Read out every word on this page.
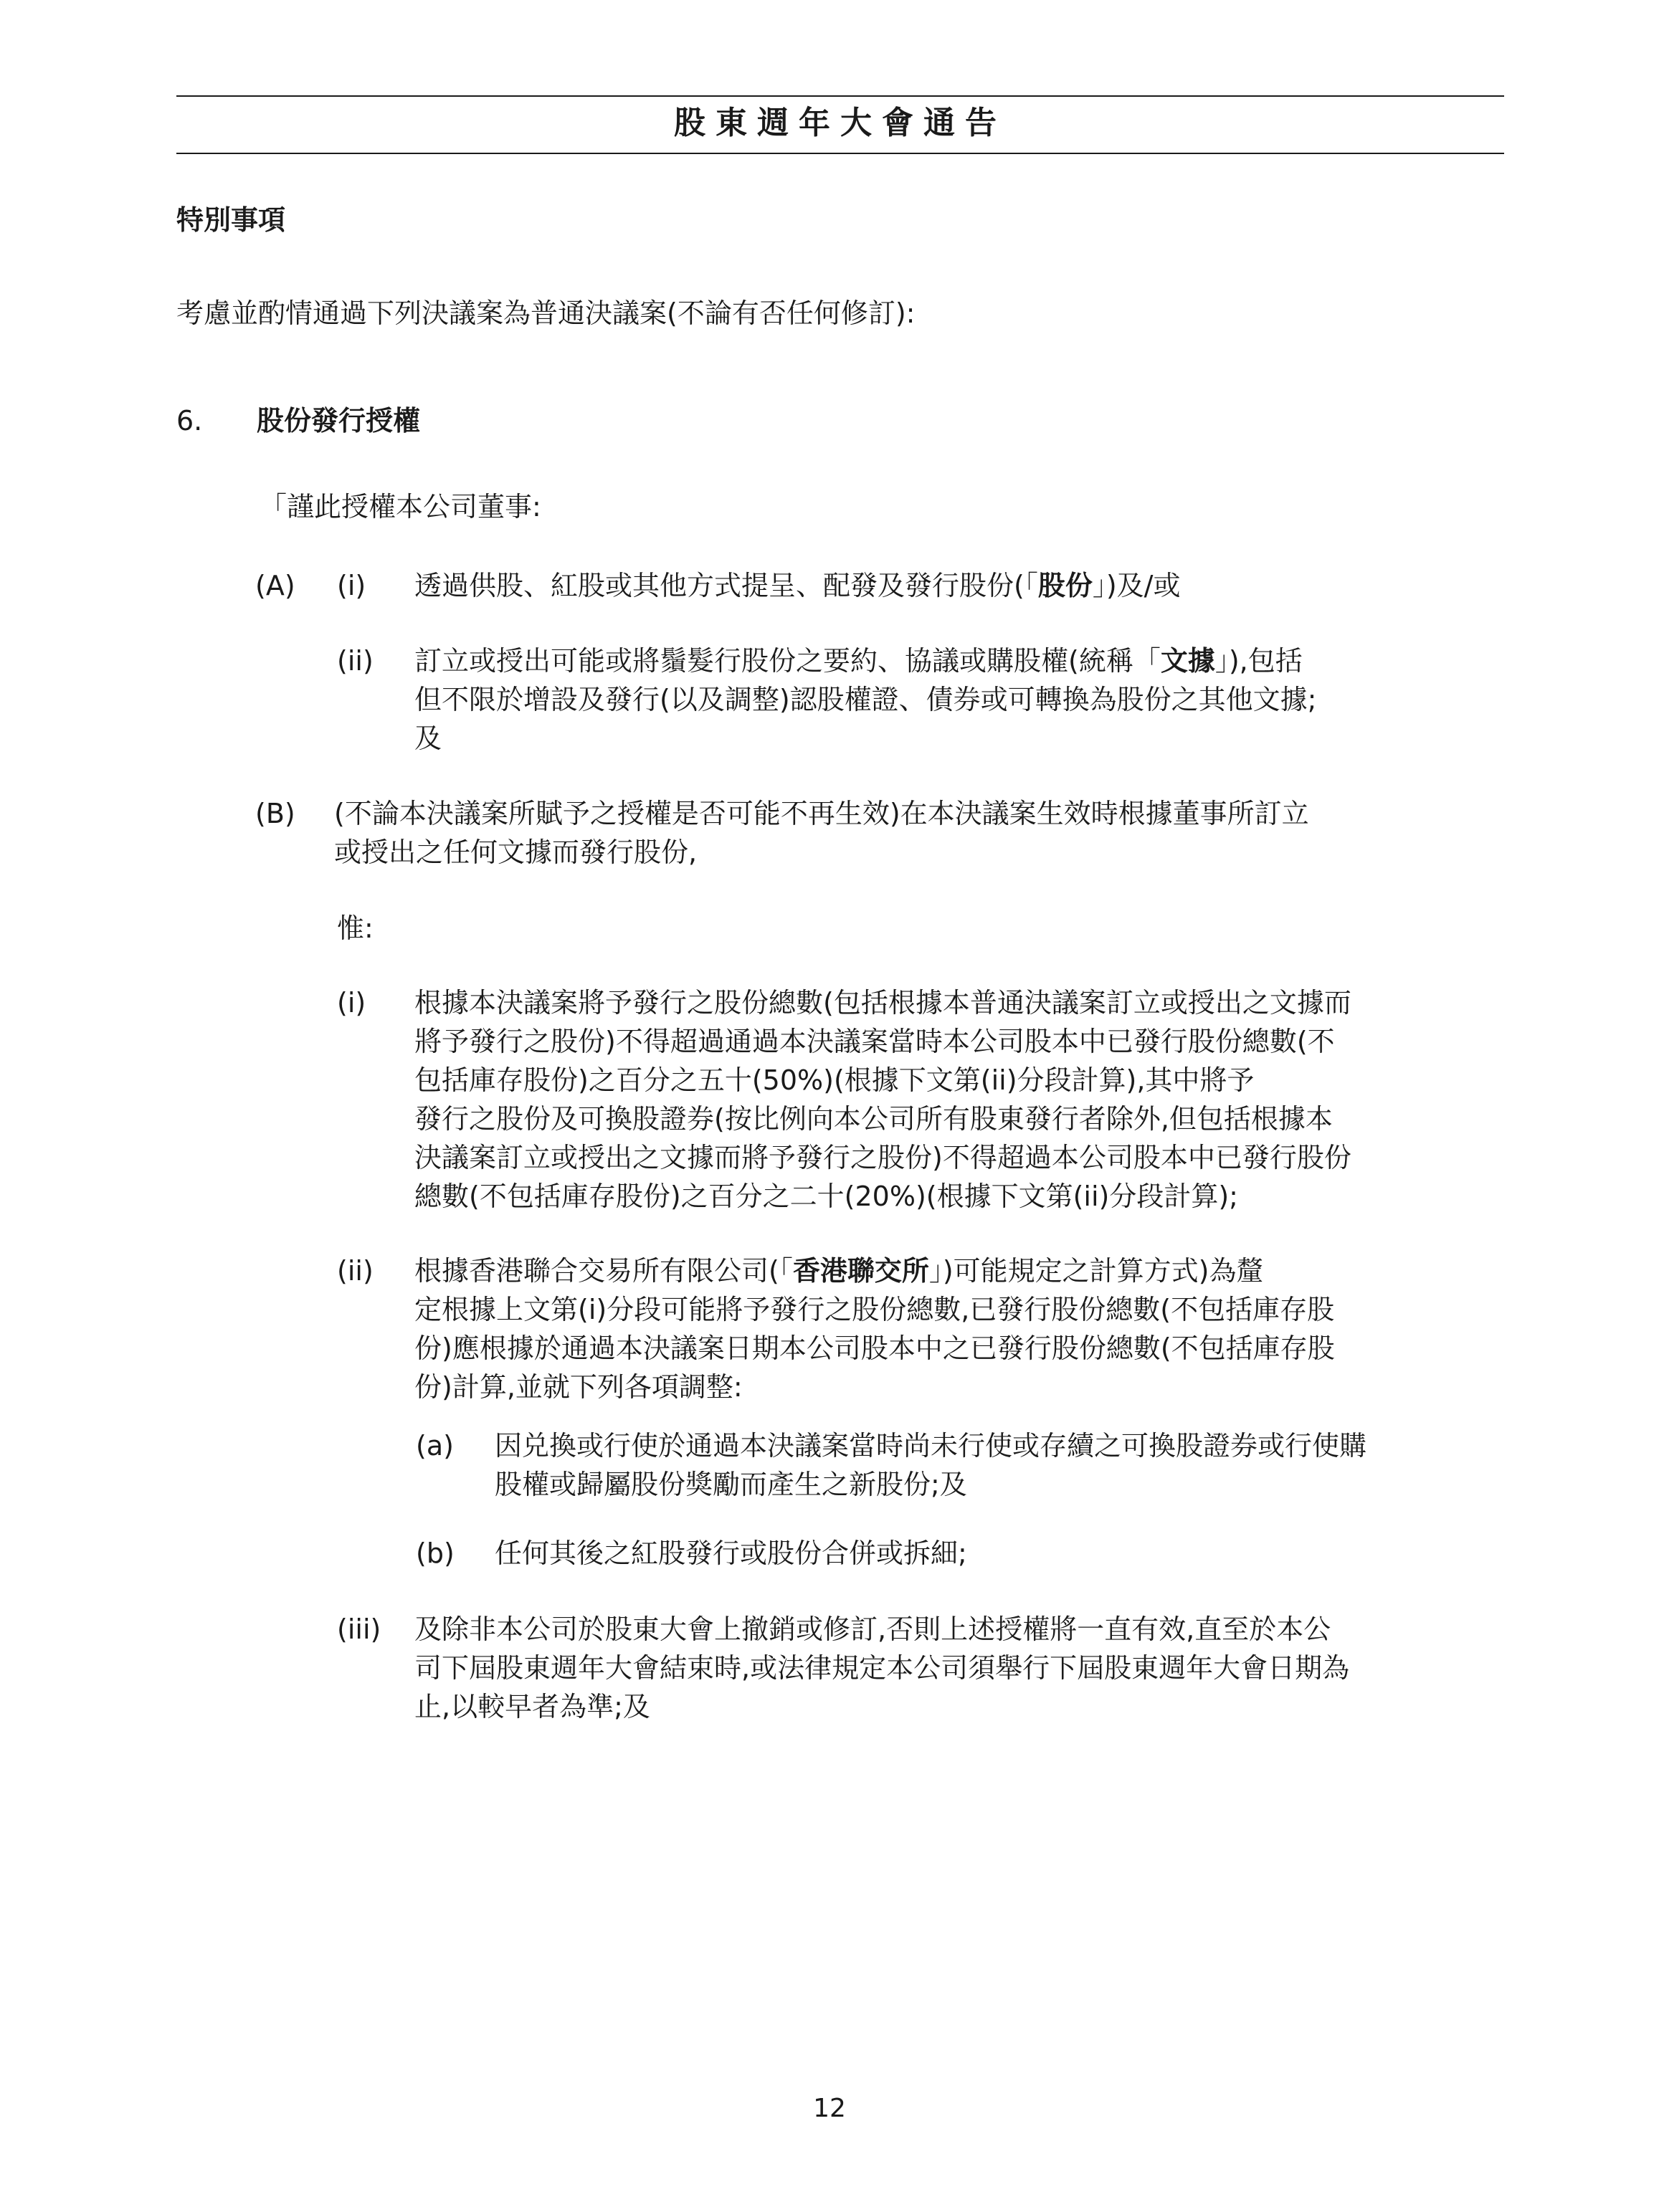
股東週年大會通告
特別事項
考慮並酌情通過下列決議案為普通決議案(不論有否任何修訂):
6. 股份發行授權
「謹此授權本公司董事:
(A) (i) 透過供股、紅股或其他方式提呈、配發及發行股份(「股份」)及/或
(ii) 訂立或授出可能或將鬚髮行股份之要約、協議或購股權(統稱「文據」),包括
但不限於增設及發行(以及調整)認股權證、債券或可轉換為股份之其他文據;
及
(B) (不論本決議案所賦予之授權是否可能不再生效)在本決議案生效時根據董事所訂立
或授出之任何文據而發行股份,
惟:
(i) 根據本決議案將予發行之股份總數(包括根據本普通決議案訂立或授出之文據而
將予發行之股份)不得超過通過本決議案當時本公司股本中已發行股份總數(不
包括庫存股份)之百分之五十(50%)(根據下文第(ii)分段計算),其中將予
發行之股份及可換股證券(按比例向本公司所有股東發行者除外,但包括根據本
決議案訂立或授出之文據而將予發行之股份)不得超過本公司股本中已發行股份
總數(不包括庫存股份)之百分之二十(20%)(根據下文第(ii)分段計算);
(ii) 根據香港聯合交易所有限公司(「香港聯交所」)可能規定之計算方式)為釐
定根據上文第(i)分段可能將予發行之股份總數,已發行股份總數(不包括庫存股
份)應根據於通過本決議案日期本公司股本中之已發行股份總數(不包括庫存股
份)計算,並就下列各項調整:
(a) 因兑換或行使於通過本決議案當時尚未行使或存續之可換股證券或行使購
股權或歸屬股份獎勵而產生之新股份;及
(b) 任何其後之紅股發行或股份合併或拆細;
(iii) 及除非本公司於股東大會上撤銷或修訂,否則上述授權將一直有效,直至於本公
司下屆股東週年大會結束時,或法律規定本公司須舉行下屆股東週年大會日期為
止,以較早者為準;及
12
